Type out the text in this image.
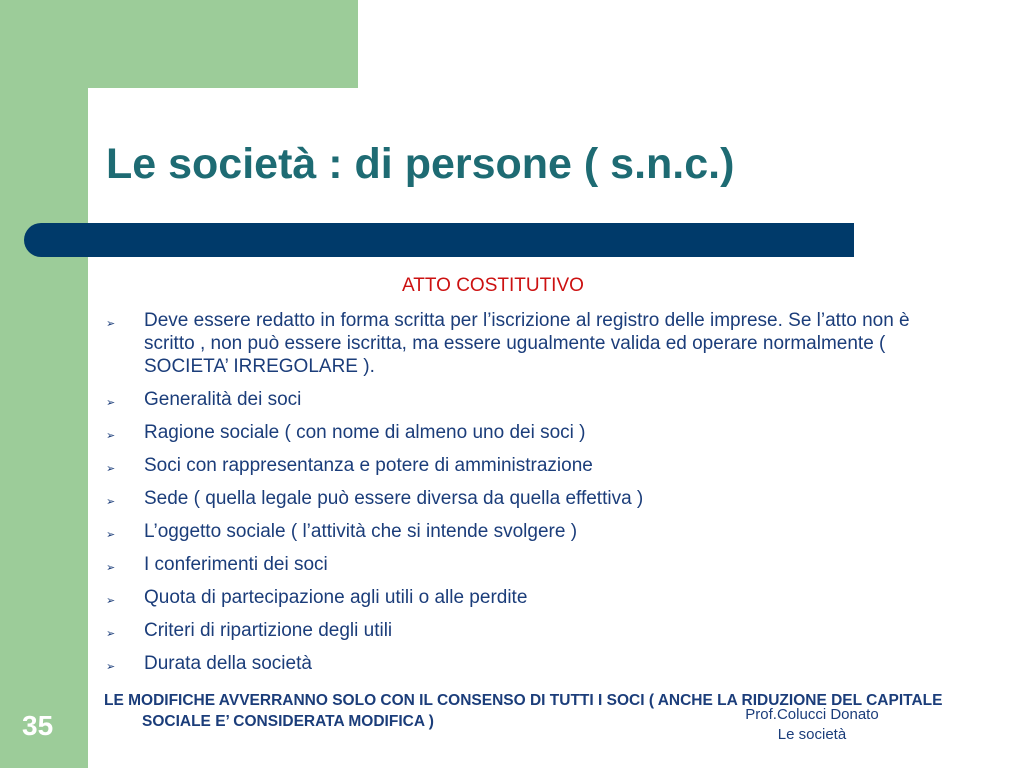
Le società : di persone ( s.n.c.)

ATTO COSTITUTIVO

➢ Deve essere redatto in forma scritta per l’iscrizione al registro delle imprese. Se l’atto non è scritto , non può essere iscritta, ma essere ugualmente valida ed operare normalmente ( SOCIETA’ IRREGOLARE ).
➢ Generalità dei soci
➢ Ragione sociale ( con nome di almeno uno dei soci )
➢ Soci con rappresentanza e potere di amministrazione
➢ Sede ( quella legale può essere diversa da quella effettiva )
➢ L’oggetto sociale ( l’attività che si intende svolgere )
➢ I conferimenti dei soci
➢ Quota di partecipazione agli utili o alle perdite
➢ Criteri di ripartizione degli utili
➢ Durata della società

LE MODIFICHE AVVERRANNO SOLO CON IL CONSENSO DI TUTTI I SOCI ( ANCHE LA RIDUZIONE DEL CAPITALE SOCIALE E’ CONSIDERATA MODIFICA )

35	Prof.Colucci Donato
Le società
